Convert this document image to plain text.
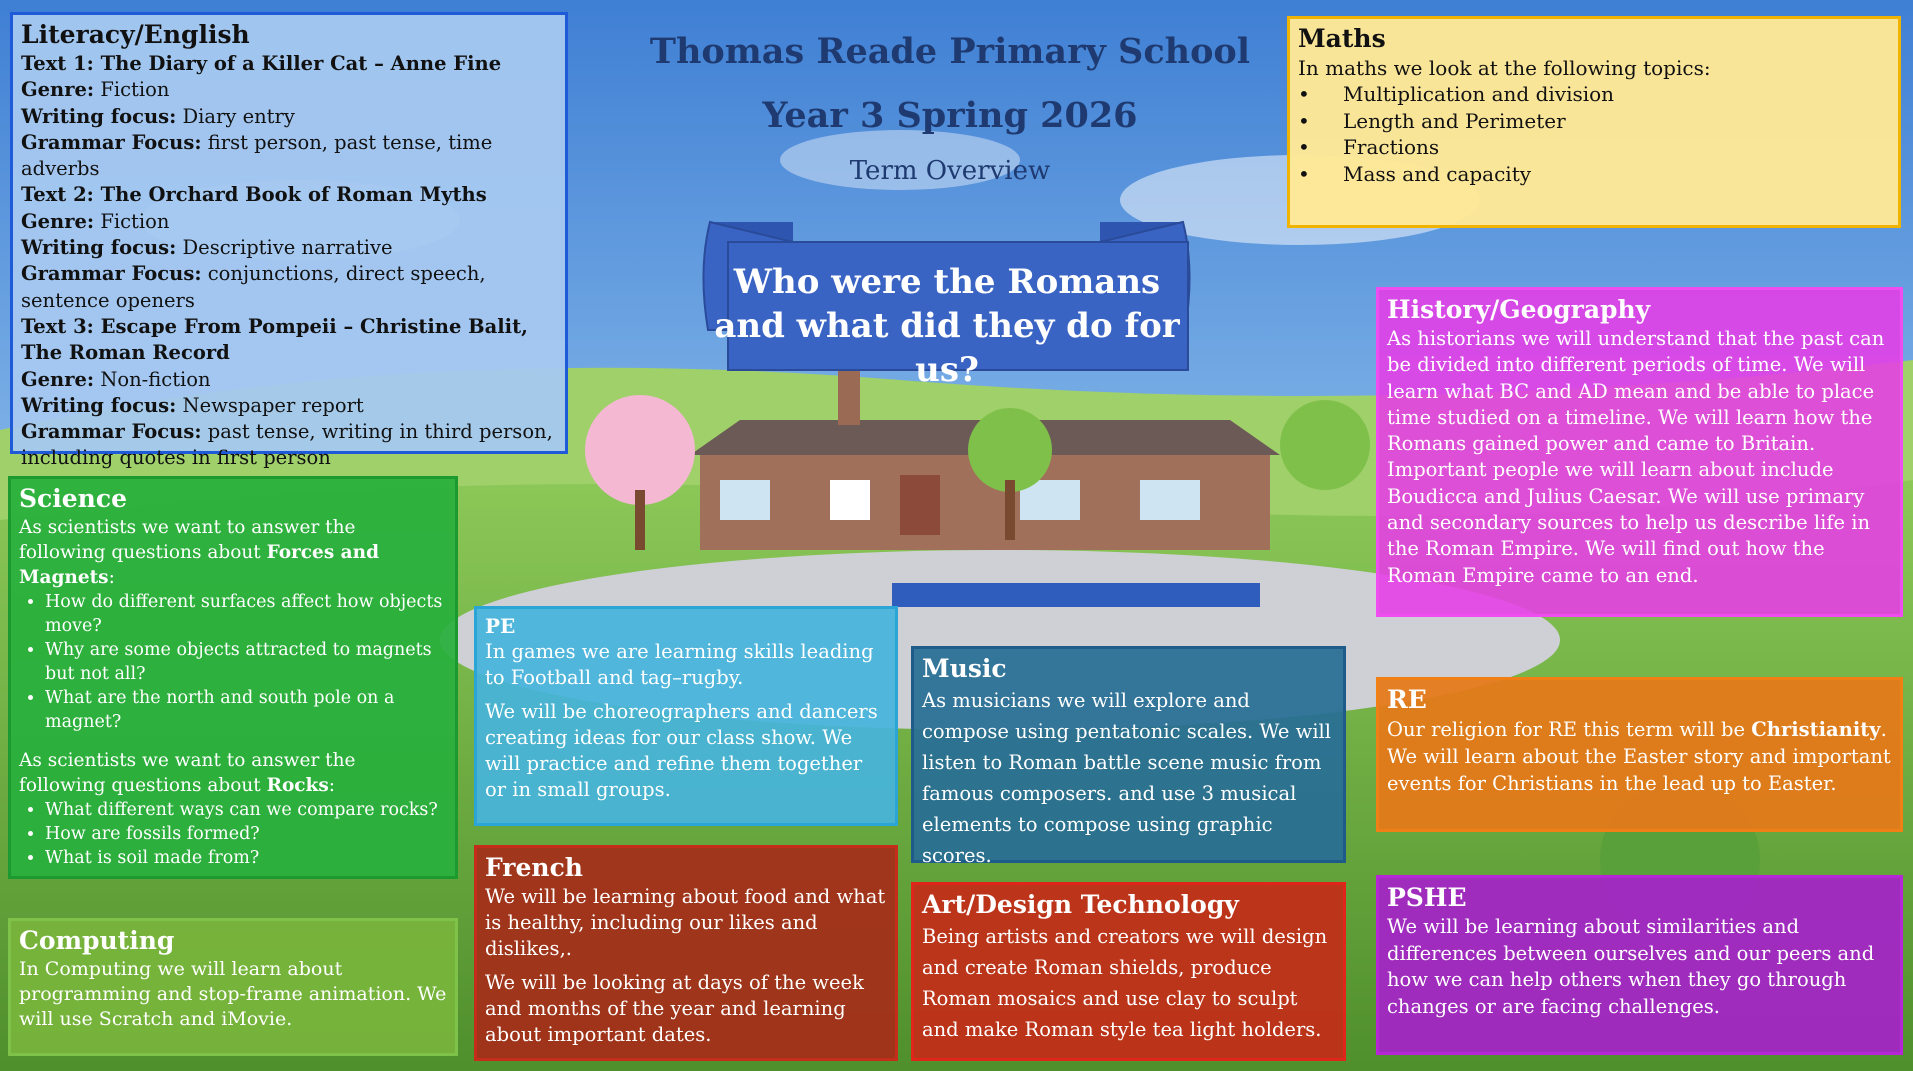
Thomas Reade Primary School
Year 3 Spring 2026
Term Overview
Who were the Romans and what did they do for us?
Literacy/English
Text 1: The Diary of a Killer Cat – Anne Fine
Genre: Fiction
Writing focus: Diary entry
Grammar Focus: first person, past tense, time adverbs
Text 2: The Orchard Book of Roman Myths
Genre: Fiction
Writing focus: Descriptive narrative
Grammar Focus: conjunctions, direct speech, sentence openers
Text 3: Escape From Pompeii – Christine Balit, The Roman Record
Genre: Non-fiction
Writing focus: Newspaper report
Grammar Focus: past tense, writing in third person, including quotes in first person
Maths
In maths we look at the following topics:
• Multiplication and division
• Length and Perimeter
• Fractions
• Mass and capacity
History/Geography

As historians we will understand that the past can be divided into different periods of time. We will learn what BC and AD mean and be able to place time studied on a timeline. We will learn how the Romans gained power and came to Britain. Important people we will learn about include Boudicca and Julius Caesar. We will use primary and secondary sources to help us describe life in the Roman Empire. We will find out how the Roman Empire came to an end.

Science

As scientists we want to answer the following questions about Forces and Magnets:

• How do different surfaces affect how objects move?
• Why are some objects attracted to magnets but not all?
• What are the north and south pole on a magnet?

As scientists we want to answer the following questions about Rocks:

• What different ways can we compare rocks?
• How are fossils formed?
• What is soil made from?
Computing

In Computing we will learn about programming and stop-frame animation. We will use Scratch and iMovie.

PE

In games we are learning skills leading to Football and tag–rugby.

We will be choreographers and dancers creating ideas for our class show. We will practice and refine them together or in small groups.

Music

As musicians we will explore and compose using pentatonic scales. We will listen to Roman battle scene music from famous composers. and use 3 musical elements to compose using graphic scores.

French

We will be learning about food and what is healthy, including our likes and dislikes,.

We will be looking at days of the week and months of the year and learning about important dates.

Art/Design Technology

Being artists and creators we will design and create Roman shields, produce Roman mosaics and use clay to sculpt and make Roman style tea light holders.

RE

Our religion for RE this term will be Christianity. We will learn about the Easter story and important events for Christians in the lead up to Easter.

PSHE

We will be learning about similarities and differences between ourselves and our peers and how we can help others when they go through changes or are facing challenges.
